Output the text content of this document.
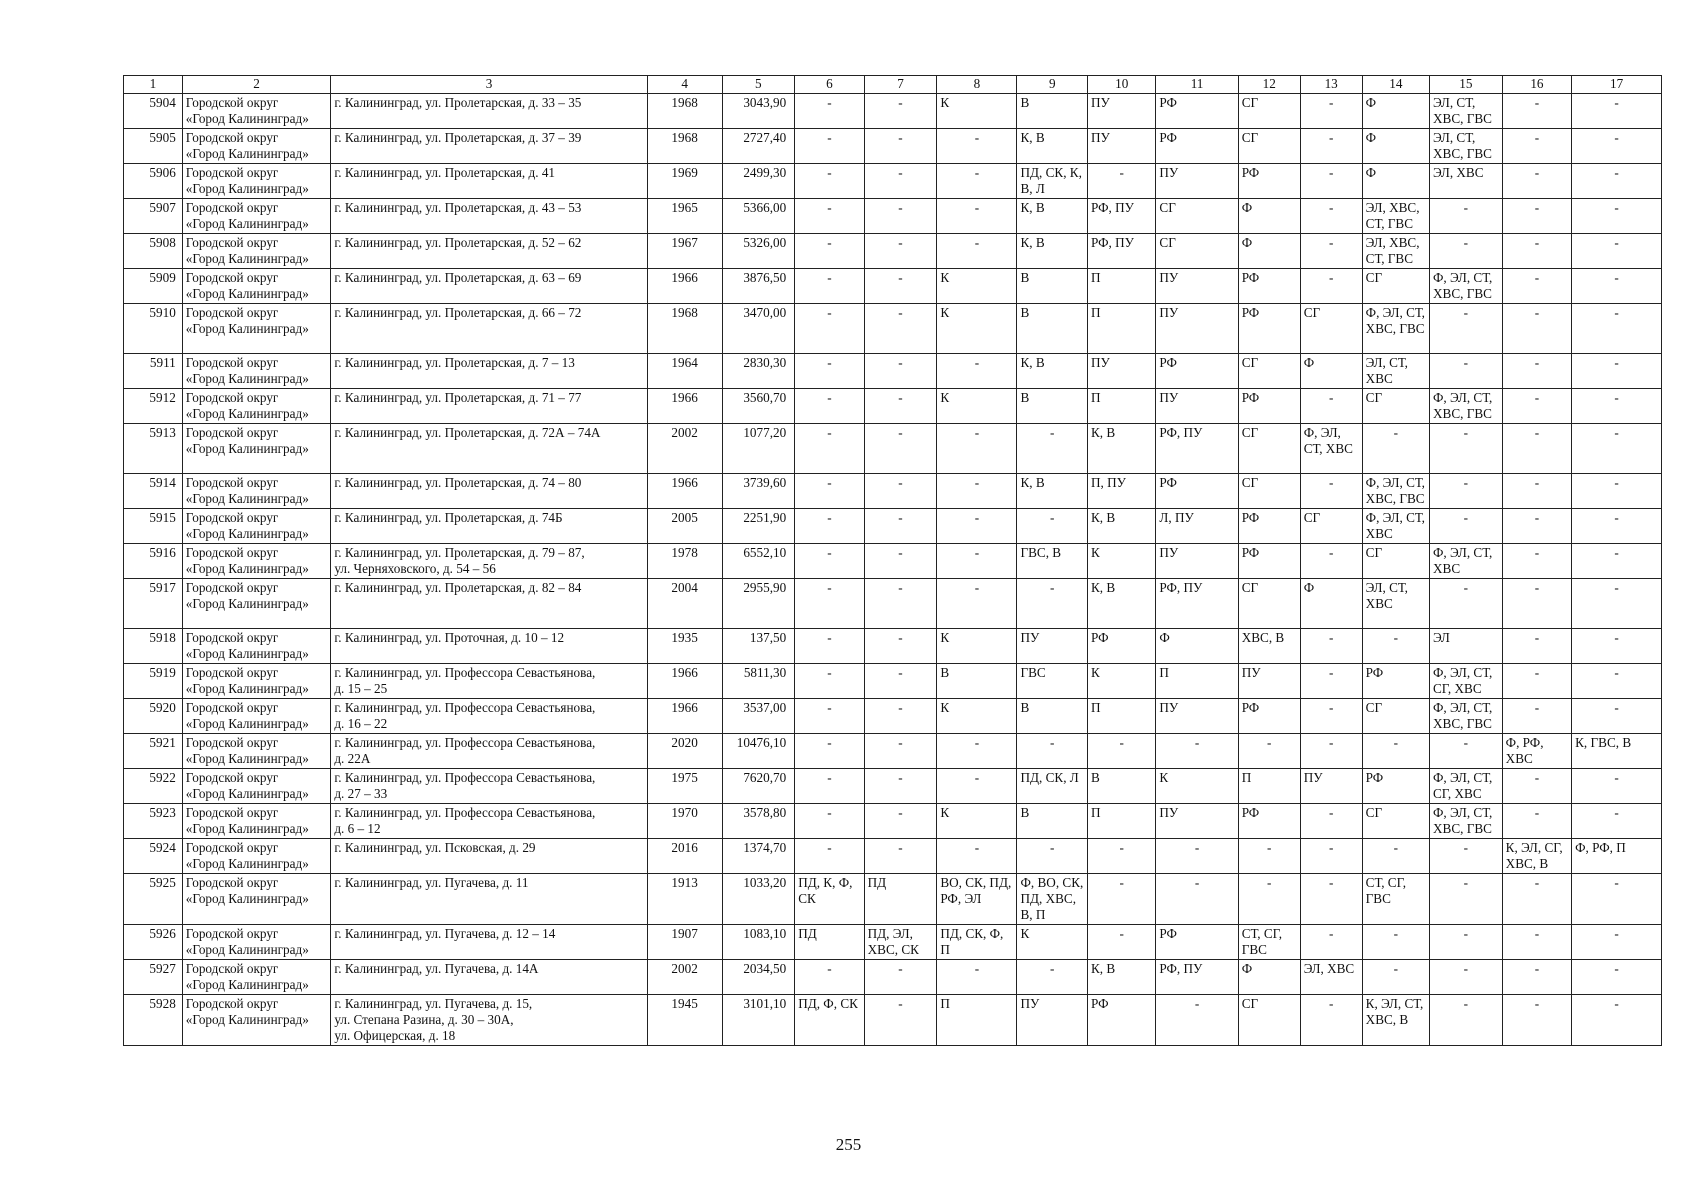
1	2	3	4	5	6	7	8	9	10	11	12	13	14	15	16	17
5904	Городской округ
«Город Калининград»	г. Калининград, ул. Пролетарская, д. 33 – 35	1968	3043,90	-	-	К	В	ПУ	РФ	СГ	-	Ф	ЭЛ, СТ, ХВС, ГВС	-	-
5905	Городской округ
«Город Калининград»	г. Калининград, ул. Пролетарская, д. 37 – 39	1968	2727,40	-	-	-	К, В	ПУ	РФ	СГ	-	Ф	ЭЛ, СТ, ХВС, ГВС	-	-
5906	Городской округ
«Город Калининград»	г. Калининград, ул. Пролетарская, д. 41	1969	2499,30	-	-	-	ПД, СК, К, В, Л	-	ПУ	РФ	-	Ф	ЭЛ, ХВС	-	-
5907	Городской округ
«Город Калининград»	г. Калининград, ул. Пролетарская, д. 43 – 53	1965	5366,00	-	-	-	К, В	РФ, ПУ	СГ	Ф	-	ЭЛ, ХВС, СТ, ГВС	-	-	-
5908	Городской округ
«Город Калининград»	г. Калининград, ул. Пролетарская, д. 52 – 62	1967	5326,00	-	-	-	К, В	РФ, ПУ	СГ	Ф	-	ЭЛ, ХВС, СТ, ГВС	-	-	-
5909	Городской округ
«Город Калининград»	г. Калининград, ул. Пролетарская, д. 63 – 69	1966	3876,50	-	-	К	В	П	ПУ	РФ	-	СГ	Ф, ЭЛ, СТ, ХВС, ГВС	-	-
5910	Городской округ
«Город Калининград»	г. Калининград, ул. Пролетарская, д. 66 – 72	1968	3470,00	-	-	К	В	П	ПУ	РФ	СГ	Ф, ЭЛ, СТ, ХВС, ГВС	-	-	-
5911	Городской округ
«Город Калининград»	г. Калининград, ул. Пролетарская, д. 7 – 13	1964	2830,30	-	-	-	К, В	ПУ	РФ	СГ	Ф	ЭЛ, СТ, ХВС	-	-	-
5912	Городской округ
«Город Калининград»	г. Калининград, ул. Пролетарская, д. 71 – 77	1966	3560,70	-	-	К	В	П	ПУ	РФ	-	СГ	Ф, ЭЛ, СТ, ХВС, ГВС	-	-
5913	Городской округ
«Город Калининград»	г. Калининград, ул. Пролетарская, д. 72А – 74А	2002	1077,20	-	-	-	-	К, В	РФ, ПУ	СГ	Ф, ЭЛ, СТ, ХВС	-	-	-	-
5914	Городской округ
«Город Калининград»	г. Калининград, ул. Пролетарская, д. 74 – 80	1966	3739,60	-	-	-	К, В	П, ПУ	РФ	СГ	-	Ф, ЭЛ, СТ, ХВС, ГВС	-	-	-
5915	Городской округ
«Город Калининград»	г. Калининград, ул. Пролетарская, д. 74Б	2005	2251,90	-	-	-	-	К, В	Л, ПУ	РФ	СГ	Ф, ЭЛ, СТ, ХВС	-	-	-
5916	Городской округ
«Город Калининград»	г. Калининград, ул. Пролетарская, д. 79 – 87,
ул. Черняховского, д. 54 – 56	1978	6552,10	-	-	-	ГВС, В	К	ПУ	РФ	-	СГ	Ф, ЭЛ, СТ, ХВС	-	-
5917	Городской округ
«Город Калининград»	г. Калининград, ул. Пролетарская, д. 82 – 84	2004	2955,90	-	-	-	-	К, В	РФ, ПУ	СГ	Ф	ЭЛ, СТ, ХВС	-	-	-
5918	Городской округ
«Город Калининград»	г. Калининград, ул. Проточная, д. 10 – 12	1935	137,50	-	-	К	ПУ	РФ	Ф	ХВС, В	-	-	ЭЛ	-	-
5919	Городской округ
«Город Калининград»	г. Калининград, ул. Профессора Севастьянова,
д. 15 – 25	1966	5811,30	-	-	В	ГВС	К	П	ПУ	-	РФ	Ф, ЭЛ, СТ, СГ, ХВС	-	-
5920	Городской округ
«Город Калининград»	г. Калининград, ул. Профессора Севастьянова,
д. 16 – 22	1966	3537,00	-	-	К	В	П	ПУ	РФ	-	СГ	Ф, ЭЛ, СТ, ХВС, ГВС	-	-
5921	Городской округ
«Город Калининград»	г. Калининград, ул. Профессора Севастьянова,
д. 22А	2020	10476,10	-	-	-	-	-	-	-	-	-	-	Ф, РФ, ХВС	К, ГВС, В
5922	Городской округ
«Город Калининград»	г. Калининград, ул. Профессора Севастьянова,
д. 27 – 33	1975	7620,70	-	-	-	ПД, СК, Л	В	К	П	ПУ	РФ	Ф, ЭЛ, СТ, СГ, ХВС	-	-
5923	Городской округ
«Город Калининград»	г. Калининград, ул. Профессора Севастьянова,
д. 6 – 12	1970	3578,80	-	-	К	В	П	ПУ	РФ	-	СГ	Ф, ЭЛ, СТ, ХВС, ГВС	-	-
5924	Городской округ
«Город Калининград»	г. Калининград, ул. Псковская, д. 29	2016	1374,70	-	-	-	-	-	-	-	-	-	-	К, ЭЛ, СГ, ХВС, В	Ф, РФ, П
5925	Городской округ
«Город Калининград»	г. Калининград, ул. Пугачева, д. 11	1913	1033,20	ПД, К, Ф, СК	ПД	ВО, СК, ПД, РФ, ЭЛ	Ф, ВО, СК, ПД, ХВС, В, П	-	-	-	-	СТ, СГ, ГВС	-	-	-
5926	Городской округ
«Город Калининград»	г. Калининград, ул. Пугачева, д. 12 – 14	1907	1083,10	ПД	ПД, ЭЛ, ХВС, СК	ПД, СК, Ф, П	К	-	РФ	СТ, СГ, ГВС	-	-	-	-	-
5927	Городской округ
«Город Калининград»	г. Калининград, ул. Пугачева, д. 14А	2002	2034,50	-	-	-	-	К, В	РФ, ПУ	Ф	ЭЛ, ХВС	-	-	-	-
5928	Городской округ
«Город Калининград»	г. Калининград, ул. Пугачева, д. 15,
ул. Степана Разина, д. 30 – 30А,
ул. Офицерская, д. 18	1945	3101,10	ПД, Ф, СК	-	П	ПУ	РФ	-	СГ	-	К, ЭЛ, СТ, ХВС, В	-	-	-
255
